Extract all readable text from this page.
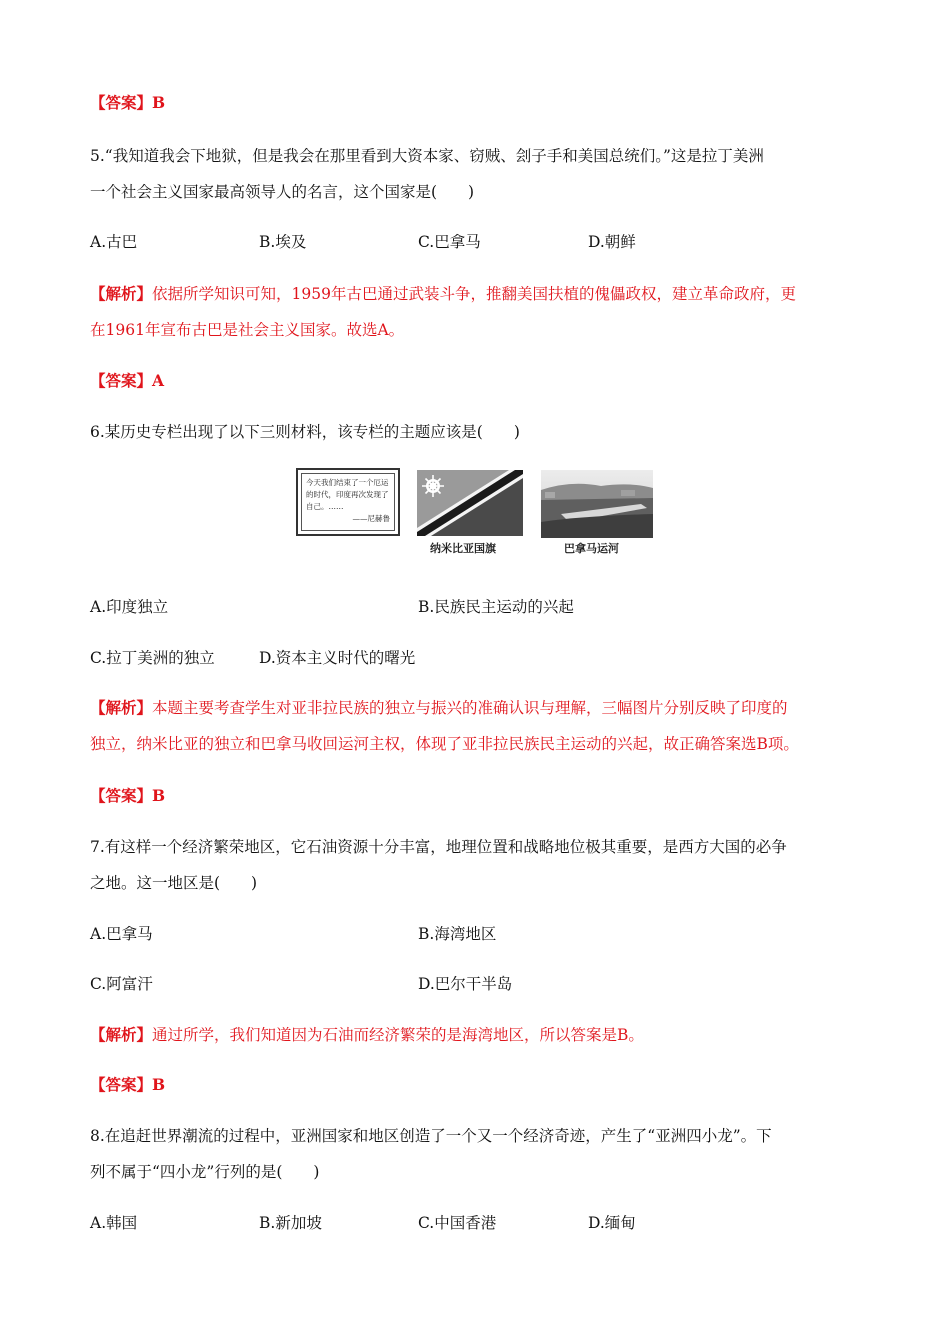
【答案】B
5.“我知道我会下地狱，但是我会在那里看到大资本家、窃贼、刽子手和美国总统们。”这是拉丁美洲
一个社会主义国家最高领导人的名言，这个国家是(　　)
A.古巴	B.埃及	C.巴拿马	D.朝鲜
【解析】依据所学知识可知，1959年古巴通过武装斗争，推翻美国扶植的傀儡政权，建立革命政府，更
在1961年宣布古巴是社会主义国家。故选A。
【答案】A
6.某历史专栏出现了以下三则材料，该专栏的主题应该是(　　)
今天我们结束了一个厄运的时代，印度再次发现了自己。……
——尼赫鲁
纳米比亚国旗	巴拿马运河
A.印度独立	B.民族民主运动的兴起
C.拉丁美洲的独立	D.资本主义时代的曙光
【解析】本题主要考查学生对亚非拉民族的独立与振兴的准确认识与理解，三幅图片分别反映了印度的
独立，纳米比亚的独立和巴拿马收回运河主权，体现了亚非拉民族民主运动的兴起，故正确答案选B项。
【答案】B
7.有这样一个经济繁荣地区，它石油资源十分丰富，地理位置和战略地位极其重要，是西方大国的必争
之地。这一地区是(　　)
A.巴拿马	B.海湾地区
C.阿富汗	D.巴尔干半岛
【解析】通过所学，我们知道因为石油而经济繁荣的是海湾地区，所以答案是B。
【答案】B
8.在追赶世界潮流的过程中，亚洲国家和地区创造了一个又一个经济奇迹，产生了“亚洲四小龙”。下
列不属于“四小龙”行列的是(　　)
A.韩国	B.新加坡	C.中国香港	D.缅甸
